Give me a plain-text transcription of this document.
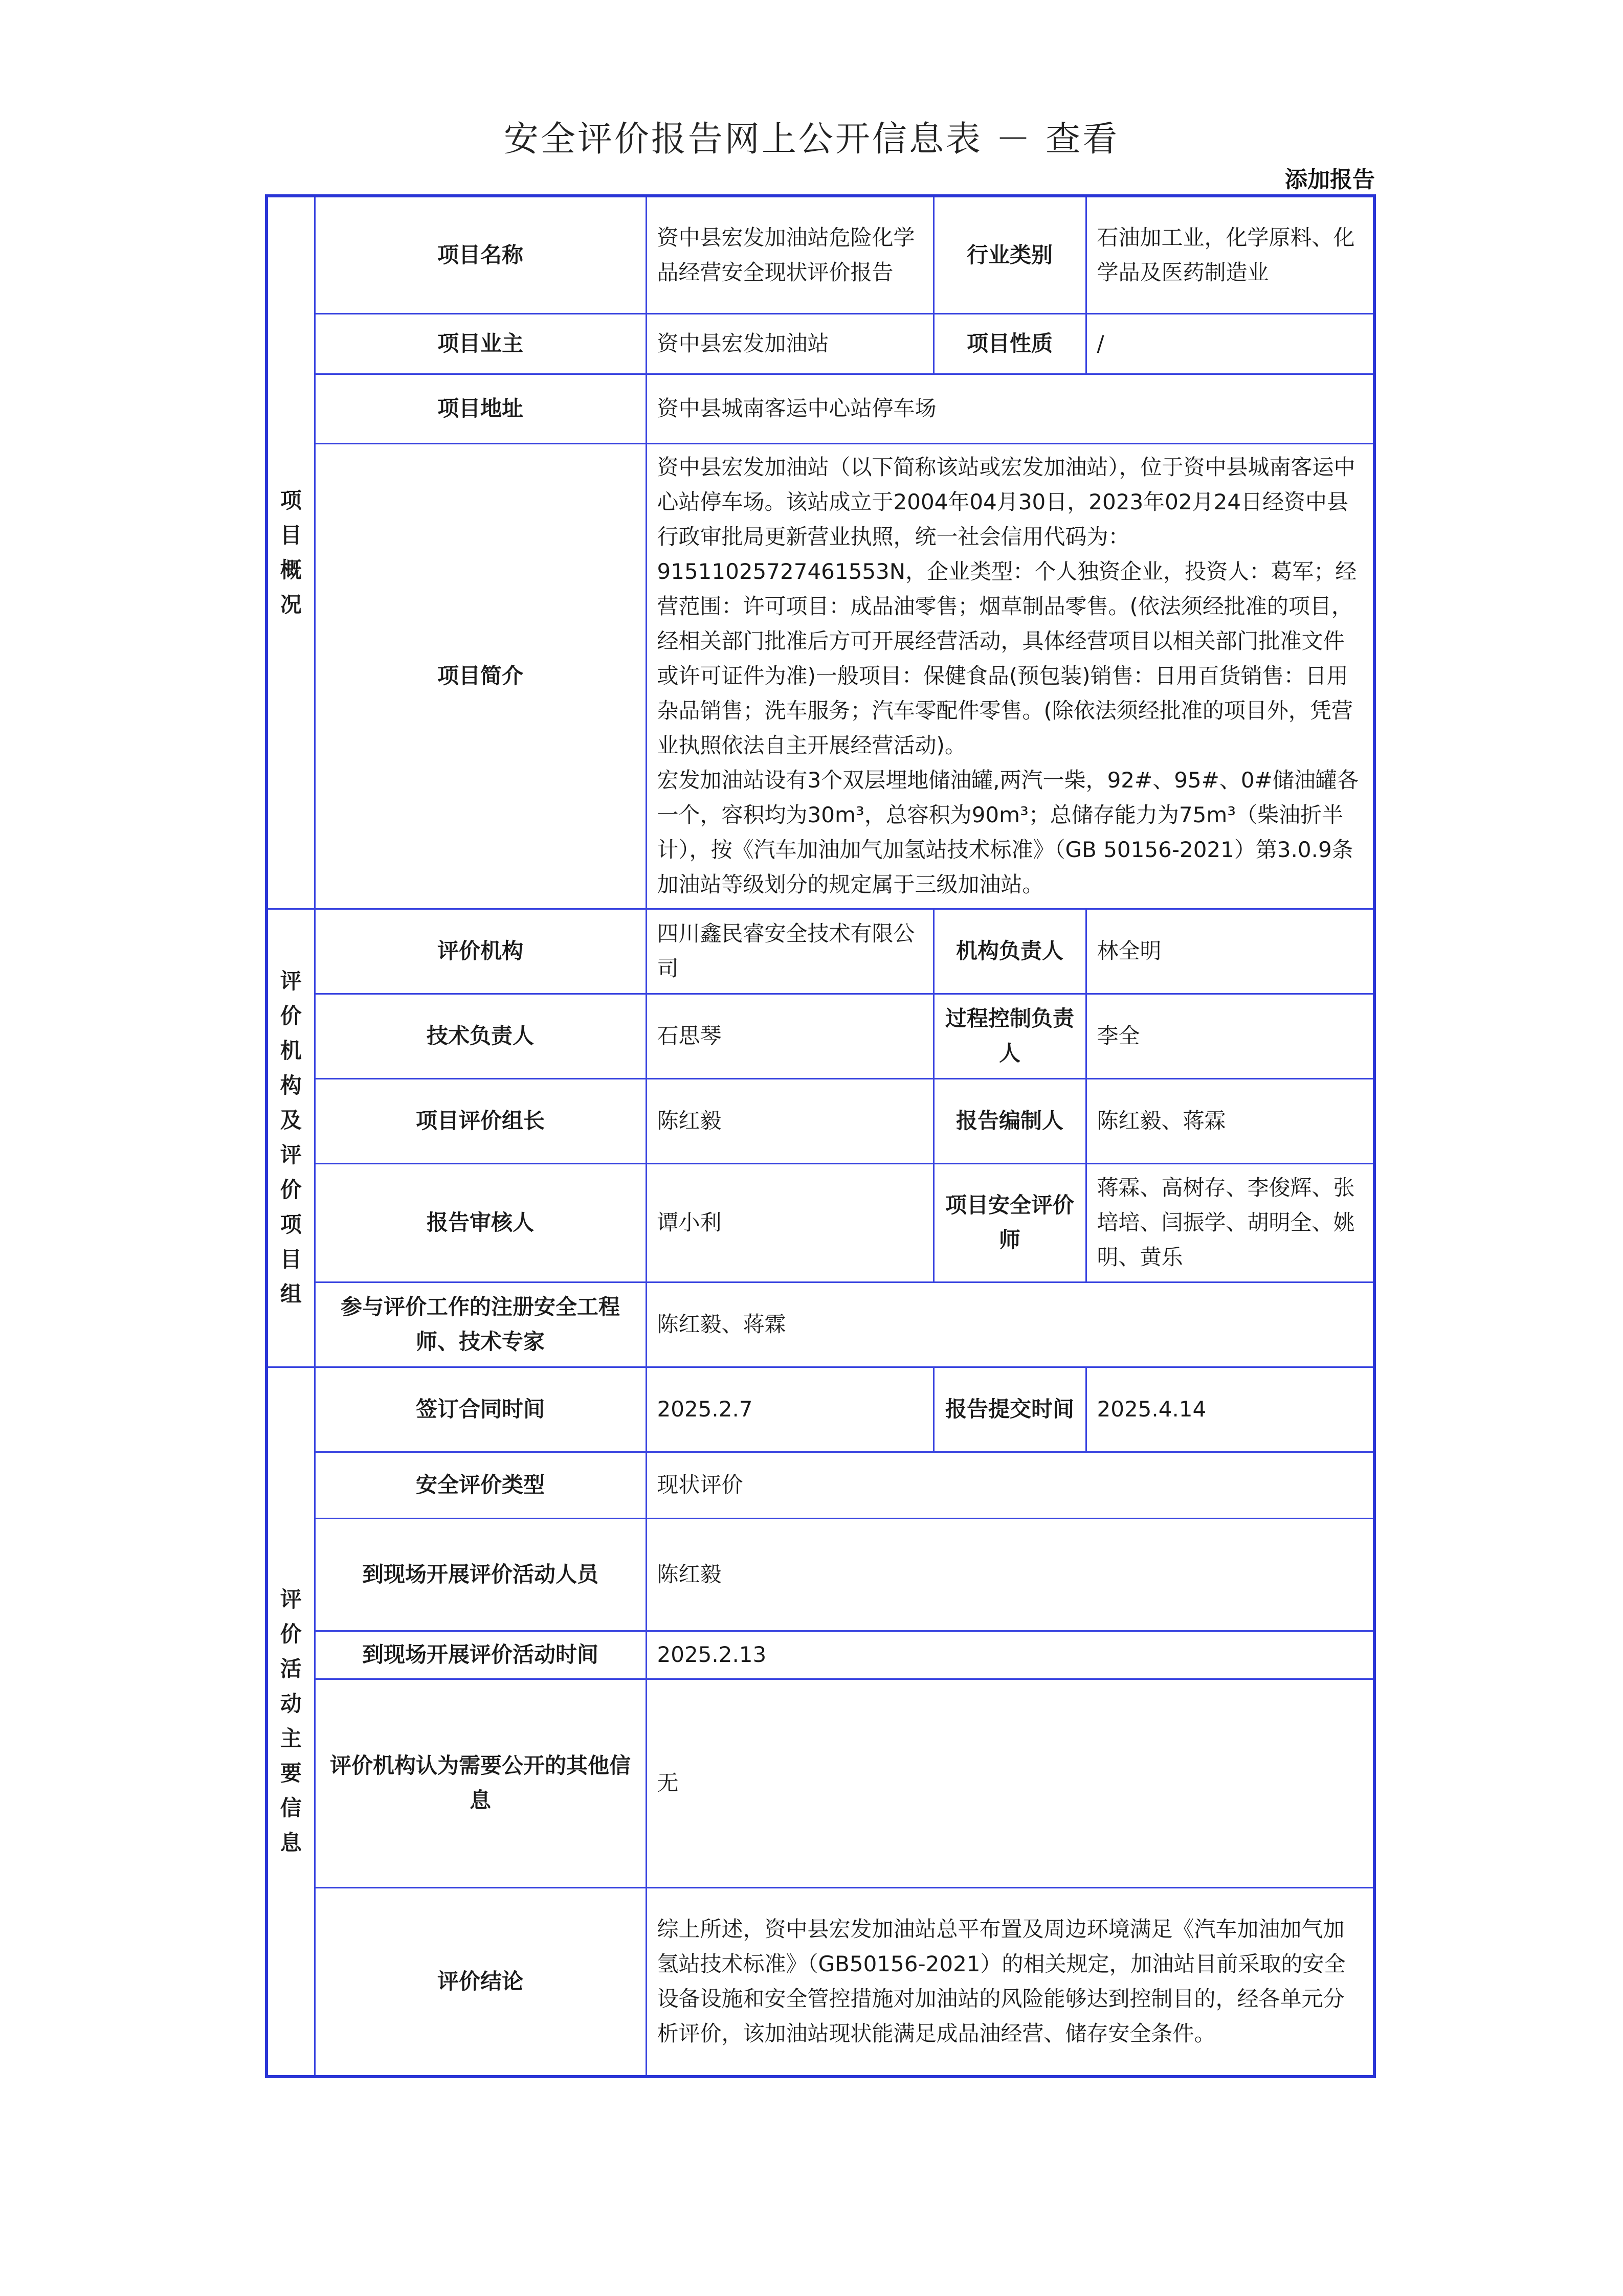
安全评价报告网上公开信息表 － 查看
添加报告
项目概况	项目名称	资中县宏发加油站危险化学品经营安全现状评价报告	行业类别	石油加工业，化学原料、化学品及医药制造业
	项目业主	资中县宏发加油站	项目性质	/
	项目地址	资中县城南客运中心站停车场		
	项目简介	资中县宏发加油站（以下简称该站或宏发加油站），位于资中县城南客运中心站停车场。该站成立于2004年04月30日，2023年02月24日经资中县行政审批局更新营业执照，统一社会信用代码为：91511025727461553N，企业类型：个人独资企业，投资人：葛军；经营范围：许可项目：成品油零售；烟草制品零售。(依法须经批准的项目，经相关部门批准后方可开展经营活动，具体经营项目以相关部门批准文件或许可证件为准)一般项目：保健食品(预包装)销售：日用百货销售：日用杂品销售；洗车服务；汽车零配件零售。(除依法须经批准的项目外，凭营业执照依法自主开展经营活动)。
宏发加油站设有3个双层埋地储油罐,两汽一柴，92#、95#、0#储油罐各一个，容积均为30m³，总容积为90m³；总储存能力为75m³（柴油折半计），按《汽车加油加气加氢站技术标准》（GB 50156-2021）第3.0.9条加油站等级划分的规定属于三级加油站。		

评价机构及评价项目组	评价机构	四川鑫民睿安全技术有限公司	机构负责人	林全明
	技术负责人	石思琴	过程控制负责人	李全
	项目评价组长	陈红毅	报告编制人	陈红毅、蒋霖
	报告审核人	谭小利	项目安全评价师	蒋霖、高树存、李俊辉、张培培、闫振学、胡明全、姚明、黄乐
	参与评价工作的注册安全工程师、技术专家	陈红毅、蒋霖		
评价活动主要信息	签订合同时间	2025.2.7	报告提交时间	2025.4.14
	安全评价类型	现状评价		
	到现场开展评价活动人员	陈红毅		
	到现场开展评价活动时间	2025.2.13		
	评价机构认为需要公开的其他信息	无		
	评价结论	综上所述，资中县宏发加油站总平布置及周边环境满足《汽车加油加气加氢站技术标准》（GB50156-2021）的相关规定，加油站目前采取的安全设备设施和安全管控措施对加油站的风险能够达到控制目的，经各单元分析评价，该加油站现状能满足成品油经营、储存安全条件。		
